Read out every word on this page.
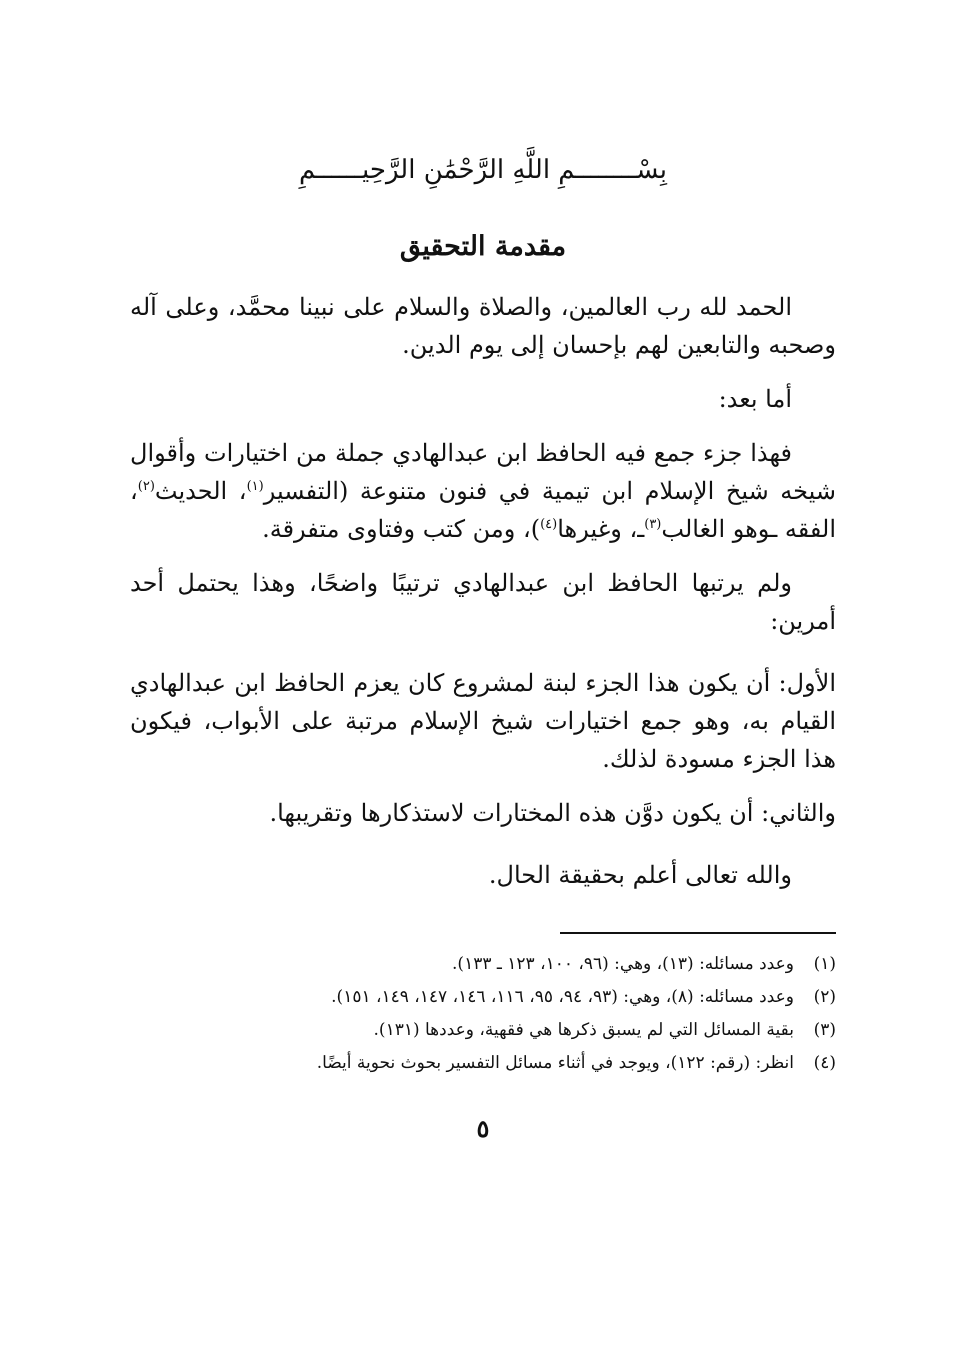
بِسْــــــــمِ اللَّهِ الرَّحْمَٰنِ الرَّحِيــــــمِ
مقدمة التحقيق

الحمد لله رب العالمين، والصلاة والسلام على نبينا محمَّد، وعلى آله وصحبه والتابعين لهم بإحسان إلى يوم الدين.

أما بعد:

فهذا جزء جمع فيه الحافظ ابن عبدالهادي جملة من اختيارات وأقوال شيخه شيخ الإسلام ابن تيمية في فنون متنوعة (التفسير$^{(١)}$، الحديث$^{(٢)}$، الفقه ـوهو الغالب$^{(٣)}$ـ، وغيرها$^{(٤)}$)، ومن كتب وفتاوى متفرقة.

ولم يرتبها الحافظ ابن عبدالهادي ترتيبًا واضحًا، وهذا يحتمل أحد أمرين:

الأول: أن يكون هذا الجزء لبنة لمشروع كان يعزم الحافظ ابن عبدالهادي القيام به، وهو جمع اختيارات شيخ الإسلام مرتبة على الأبواب، فيكون هذا الجزء مسودة لذلك.

والثاني: أن يكون دوَّن هذه المختارات لاستذكارها وتقريبها.

والله تعالى أعلم بحقيقة الحال.

(١)
وعدد مسائله: (١٣)، وهي: (٩٦، ١٠٠، ١٢٣ ـ ١٣٣).
(٢)
وعدد مسائله: (٨)، وهي: (٩٣، ٩٤، ٩٥، ١١٦، ١٤٦، ١٤٧، ١٤٩، ١٥١).
(٣)
بقية المسائل التي لم يسبق ذكرها هي فقهية، وعددها (١٣١).
(٤)
انظر: (رقم: ١٢٢)، ويوجد في أثناء مسائل التفسير بحوث نحوية أيضًا.
٥
